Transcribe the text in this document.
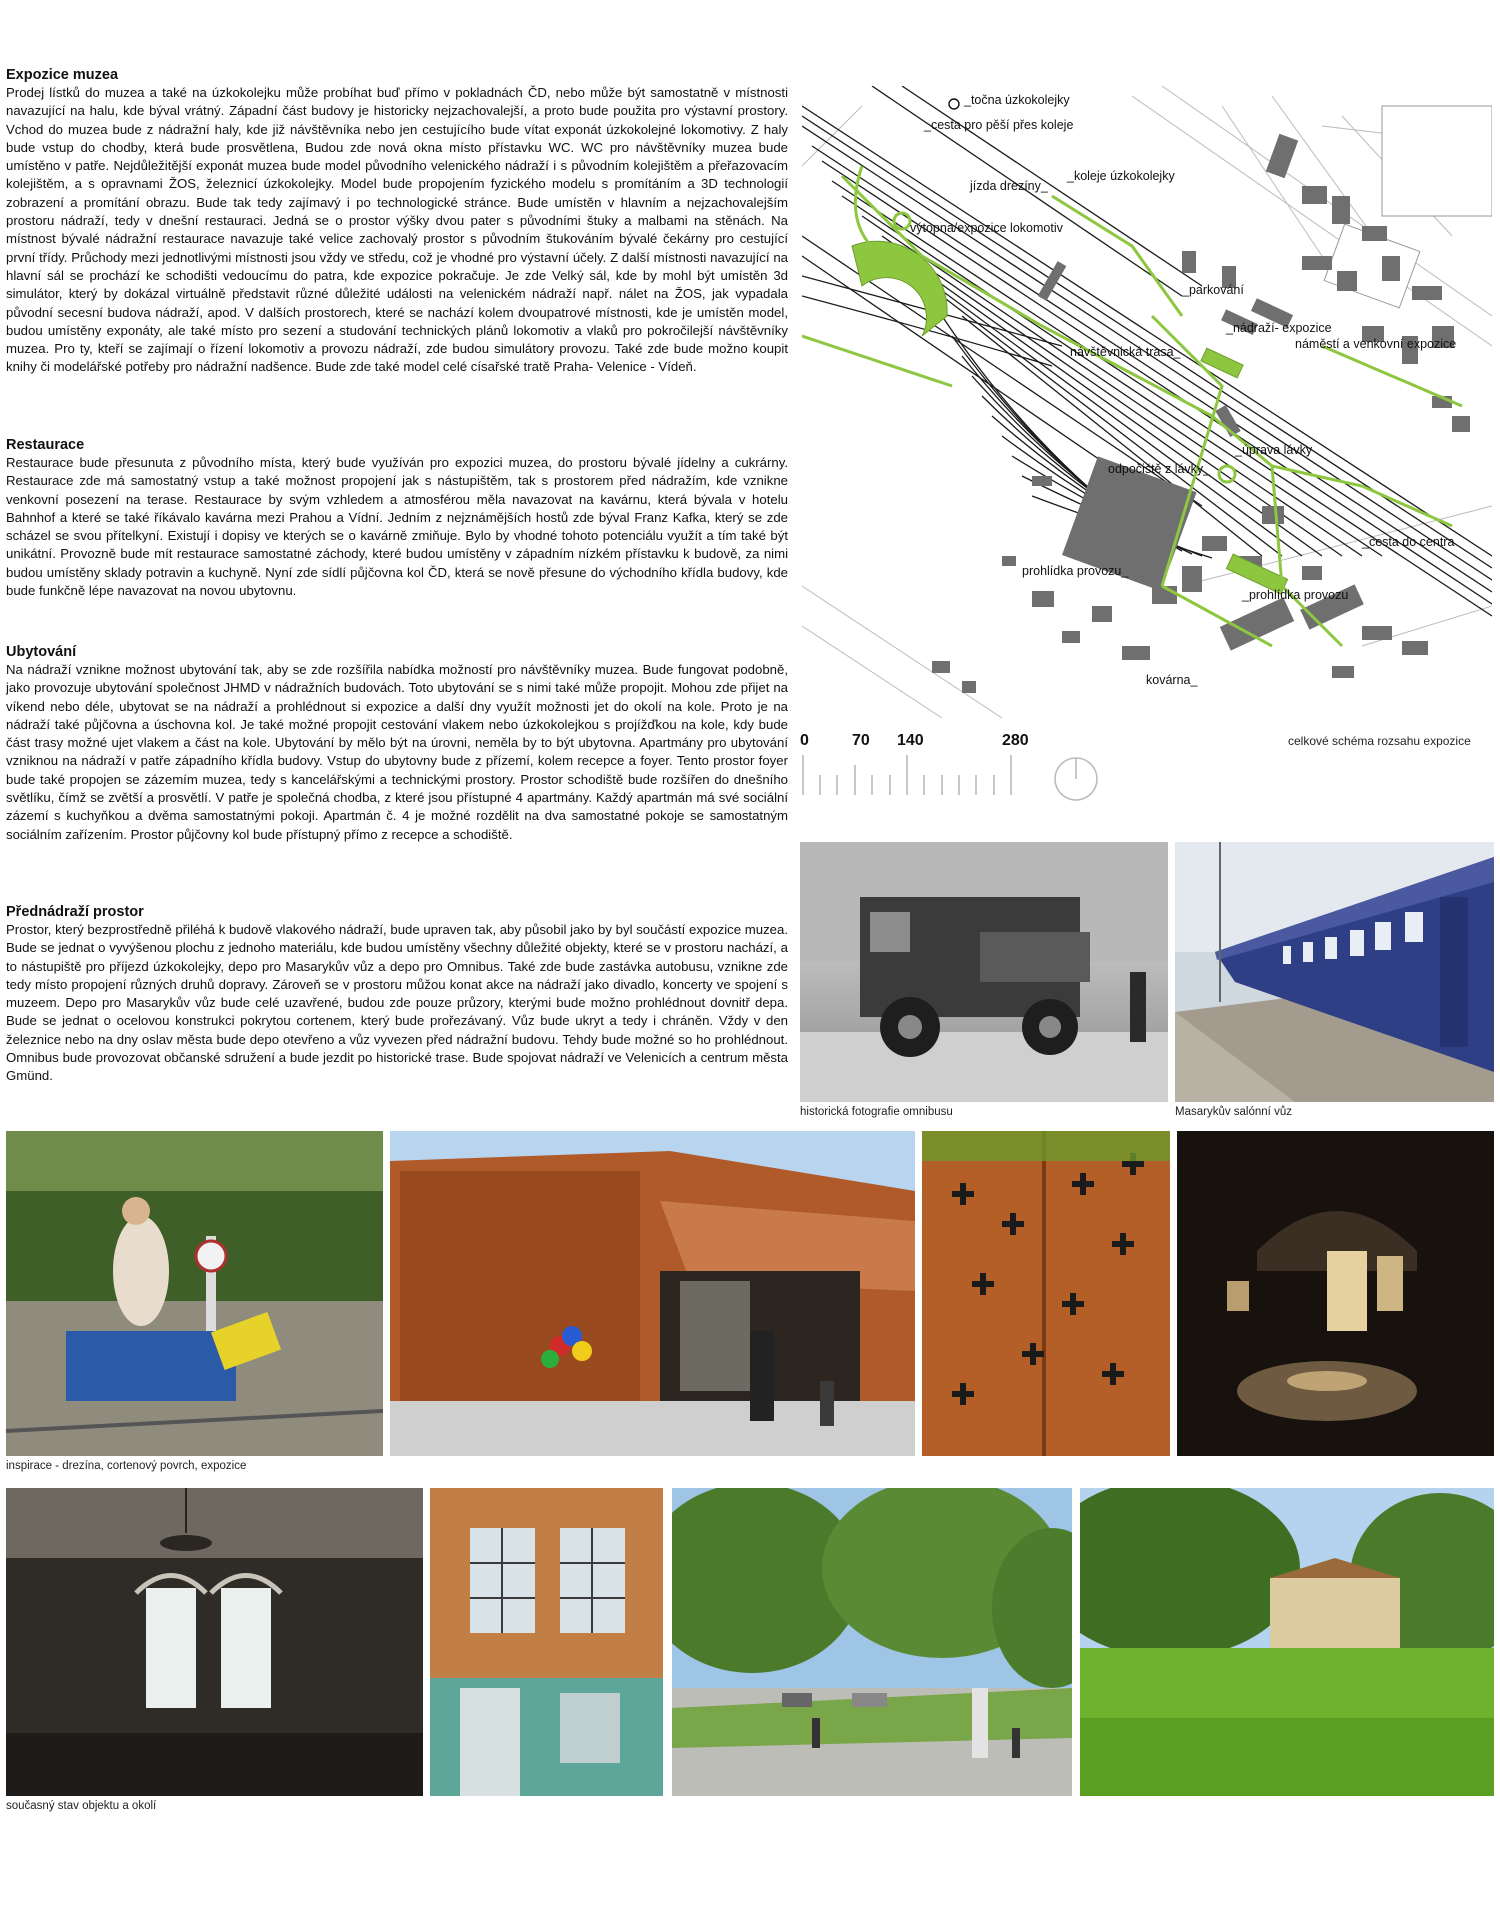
Expozice muzea

Prodej lístků do muzea a také na úzkokolejku může probíhat buď přímo v pokladnách ČD, nebo může být samostatně v místnosti navazující na halu, kde býval vrátný. Západní část budovy je historicky nejzachovalejší, a proto bude použita pro výstavní prostory. Vchod do muzea bude z nádražní haly, kde již návštěvníka nebo jen cestujícího bude vítat exponát úzkokolejné lokomotivy. Z haly bude vstup do chodby, která bude prosvětlena, Budou zde nová okna místo přístavku WC. WC pro návštěvníky muzea bude umístěno v patře. Nejdůležitější exponát muzea bude model původního velenického nádraží i s původním kolejištěm a přeřazovacím kolejištěm, a s opravnami ŽOS, železnicí úzkokolejky. Model bude propojením fyzického modelu s promítáním a 3D technologií zobrazení a promítání obrazu. Bude tak tedy zajímavý i po technologické stránce. Bude umístěn v hlavním a nejzachovalejším prostoru nádraží, tedy v dnešní restauraci. Jedná se o prostor výšky dvou pater s původními štuky a malbami na stěnách. Na místnost bývalé nádražní restaurace navazuje také velice zachovalý prostor s původním štukováním bývalé čekárny pro cestující první třídy. Průchody mezi jednotlivými místnosti jsou vždy ve středu, což je vhodné pro výstavní účely. Z další místnosti navazující na hlavní sál se prochází ke schodišti vedoucímu do patra, kde expozice pokračuje. Je zde Velký sál, kde by mohl být umístěn 3d simulátor, který by dokázal virtuálně představit různé důležité události na velenickém nádraží např. nálet na ŽOS, jak vypadala původní secesní budova nádraží, apod. V dalších prostorech, které se nachází kolem dvoupatrové místnosti, kde je umístěn model, budou umístěny exponáty, ale také místo pro sezení a studování technických plánů lokomotiv a vlaků pro pokročilejší návštěvníky muzea. Pro ty, kteří se zajímají o řízení lokomotiv a provozu nádraží, zde budou simulátory provozu. Také zde bude možno koupit knihy či modelářské potřeby pro nádražní nadšence. Bude zde také model celé císařské tratě Praha- Velenice - Vídeň.

Restaurace

Restaurace bude přesunuta z původního místa, který bude využíván pro expozici muzea, do prostoru bývalé jídelny a cukrárny. Restaurace zde má samostatný vstup a také možnost propojení jak s nástupištěm, tak s prostorem před nádražím, kde vznikne venkovní posezení na terase. Restaurace by svým vzhledem a atmosférou měla navazovat na kavárnu, která bývala v hotelu Bahnhof a které se také říkávalo kavárna mezi Prahou a Vídní. Jedním z nejznámějších hostů zde býval Franz Kafka, který se zde scházel se svou přítelkyní. Existují i dopisy ve kterých se o kavárně zmiňuje. Bylo by vhodné tohoto potenciálu využít a tím také být unikátní. Provozně bude mít restaurace samostatné záchody, které budou umístěny v západním nízkém přístavku k budově, za nimi budou umístěny sklady potravin a kuchyně. Nyní zde sídlí půjčovna kol ČD, která se nově přesune do východního křídla budovy, kde bude funkčně lépe navazovat na novou ubytovnu.

Ubytování

Na nádraží vznikne možnost ubytování tak, aby se zde rozšířila nabídka možností pro návštěvníky muzea. Bude fungovat podobně, jako provozuje ubytování společnost JHMD v nádražních budovách. Toto ubytování se s nimi také může propojit. Mohou zde přijet na víkend nebo déle, ubytovat se na nádraží a prohlédnout si expozice a další dny využít možnosti jet do okolí na kole. Proto je na nádraží také půjčovna a úschovna kol. Je také možné propojit cestování vlakem nebo úzkokolejkou s projížďkou na kole, kdy bude část trasy možné ujet vlakem a část na kole. Ubytování by mělo být na úrovni, neměla by to být ubytovna. Apartmány pro ubytování vzniknou na nádraží v patře západního křídla budovy. Vstup do ubytovny bude z přízemí, kolem recepce a foyer. Tento prostor foyer bude také propojen se zázemím muzea, tedy s kancelářskými a technickými prostory. Prostor schodiště bude rozšířen do dnešního světlíku, čímž se zvětší a prosvětlí. V patře je společná chodba, z které jsou přístupné 4 apartmány. Každý apartmán má své sociální zázemí s kuchyňkou a dvěma samostatnými pokoji. Apartmán č. 4 je možné rozdělit na dva samostatné pokoje se samostatným sociálním zařízením. Prostor půjčovny kol bude přístupný přímo z recepce a schodiště.

Přednádraží prostor

Prostor, který bezprostředně přiléhá k budově vlakového nádraží, bude upraven tak, aby působil jako by byl součástí expozice muzea. Bude se jednat o vyvýšenou plochu z jednoho materiálu, kde budou umístěny všechny důležité objekty, které se v prostoru nachází, a to nástupiště pro příjezd úzkokolejky, depo pro Masarykův vůz a depo pro Omnibus. Také zde bude zastávka autobusu, vznikne zde tedy místo propojení různých druhů dopravy. Zároveň se v prostoru můžou konat akce na nádraží jako divadlo, koncerty ve spojení s muzeem. Depo pro Masarykův vůz bude celé uzavřené, budou zde pouze průzory, kterými bude možno prohlédnout dovnitř depa. Bude se jednat o ocelovou konstrukci pokrytou cortenem, který bude prořezávaný. Vůz bude ukryt a tedy i chráněn. Vždy v den železnice nebo na dny oslav města bude depo otevřeno a vůz vyvezen před nádražní budovu. Tehdy bude možné so ho prohlédnout. Omnibus bude provozovat občanské sdružení a bude jezdit po historické trase. Bude spojovat nádraží ve Velenicích a centrum města Gmünd.

_točna úzkokolejky
_cesta pro pěší přes koleje
jízda drezíny_
_koleje úzkokolejky
výtopna/expozice lokomotiv
_parkování
_nádraží- expozice
náměstí a venkovní expozice
návštěvnická trasa_
_úprava lávky
odpočiště z lávky_
_cesta do centra
prohlídka provozu_
_prohlídka provozu
kovárna_
0	70 140	280	celkové schéma rozsahu expozice
historická fotografie omnibusu	Masarykův salónní vůz
inspirace - drezína, cortenový povrch, expozice
současný stav objektu a okolí
